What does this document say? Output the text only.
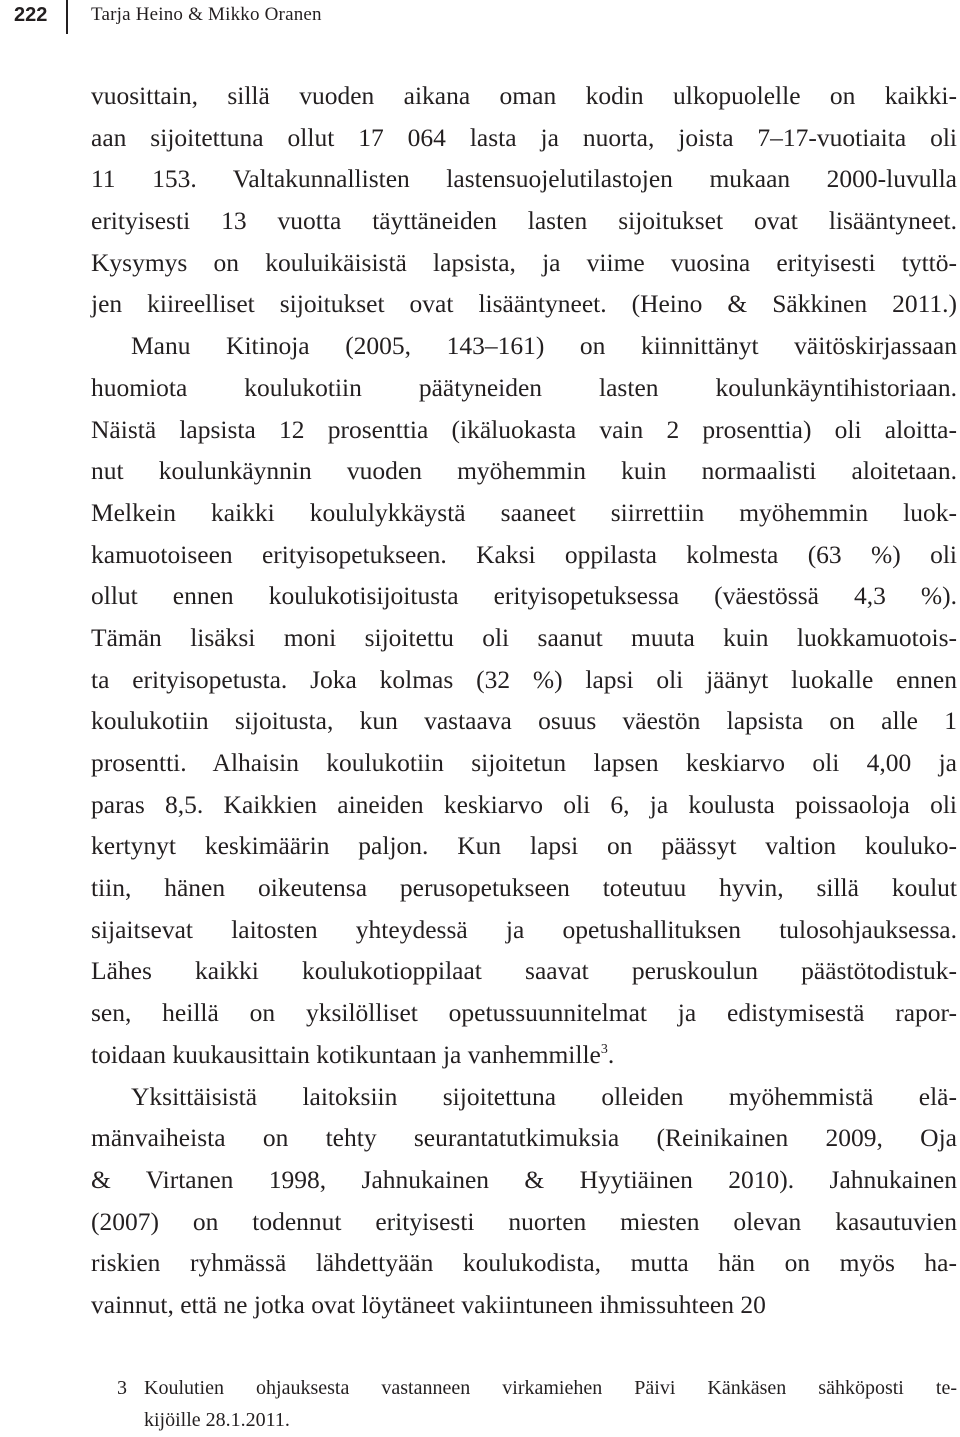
222 Tarja Heino & Mikko Oranen
vuosittain, sillä vuoden aikana oman kodin ulkopuolelle on kaikki-
aan sijoitettuna ollut 17 064 lasta ja nuorta, joista 7–17-vuotiaita oli
11 153. Valtakunnallisten lastensuojelutilastojen mukaan 2000-luvulla
erityisesti 13 vuotta täyttäneiden lasten sijoitukset ovat lisääntyneet.
Kysymys on kouluikäisistä lapsista, ja viime vuosina erityisesti tyttö-
jen kiireelliset sijoitukset ovat lisääntyneet. (Heino & Säkkinen 2011.)
Manu Kitinoja (2005, 143–161) on kiinnittänyt väitöskirjassaan
huomiota koulukotiin päätyneiden lasten koulunkäyntihistoriaan.
Näistä lapsista 12 prosenttia (ikäluokasta vain 2 prosenttia) oli aloitta-
nut koulunkäynnin vuoden myöhemmin kuin normaalisti aloitetaan.
Melkein kaikki koululykkäystä saaneet siirrettiin myöhemmin luok-
kamuotoiseen erityisopetukseen. Kaksi oppilasta kolmesta (63 %) oli
ollut ennen koulukotisijoitusta erityisopetuksessa (väestössä 4,3 %).
Tämän lisäksi moni sijoitettu oli saanut muuta kuin luokkamuotois-
ta erityisopetusta. Joka kolmas (32 %) lapsi oli jäänyt luokalle ennen
koulukotiin sijoitusta, kun vastaava osuus väestön lapsista on alle 1
prosentti. Alhaisin koulukotiin sijoitetun lapsen keskiarvo oli 4,00 ja
paras 8,5. Kaikkien aineiden keskiarvo oli 6, ja koulusta poissaoloja oli
kertynyt keskimäärin paljon. Kun lapsi on päässyt valtion kouluko-
tiin, hänen oikeutensa perusopetukseen toteutuu hyvin, sillä koulut
sijaitsevat laitosten yhteydessä ja opetushallituksen tulosohjauksessa.
Lähes kaikki koulukotioppilaat saavat peruskoulun päästötodistuk-
sen, heillä on yksilölliset opetussuunnitelmat ja edistymisestä rapor-
toidaan kuukausittain kotikuntaan ja vanhemmille$^3$.
Yksittäisistä laitoksiin sijoitettuna olleiden myöhemmistä elä-
mänvaiheista on tehty seurantatutkimuksia (Reinikainen 2009, Oja
& Virtanen 1998, Jahnukainen & Hyytiäinen 2010). Jahnukainen
(2007) on todennut erityisesti nuorten miesten olevan kasautuvien
riskien ryhmässä lähdettyään koulukodista, mutta hän on myös ha-
vainnut, että ne jotka ovat löytäneet vakiintuneen ihmissuhteen 20
3 Koulutien ohjauksesta vastanneen virkamiehen Päivi Känkäsen sähköposti te-
kijöille 28.1.2011.
